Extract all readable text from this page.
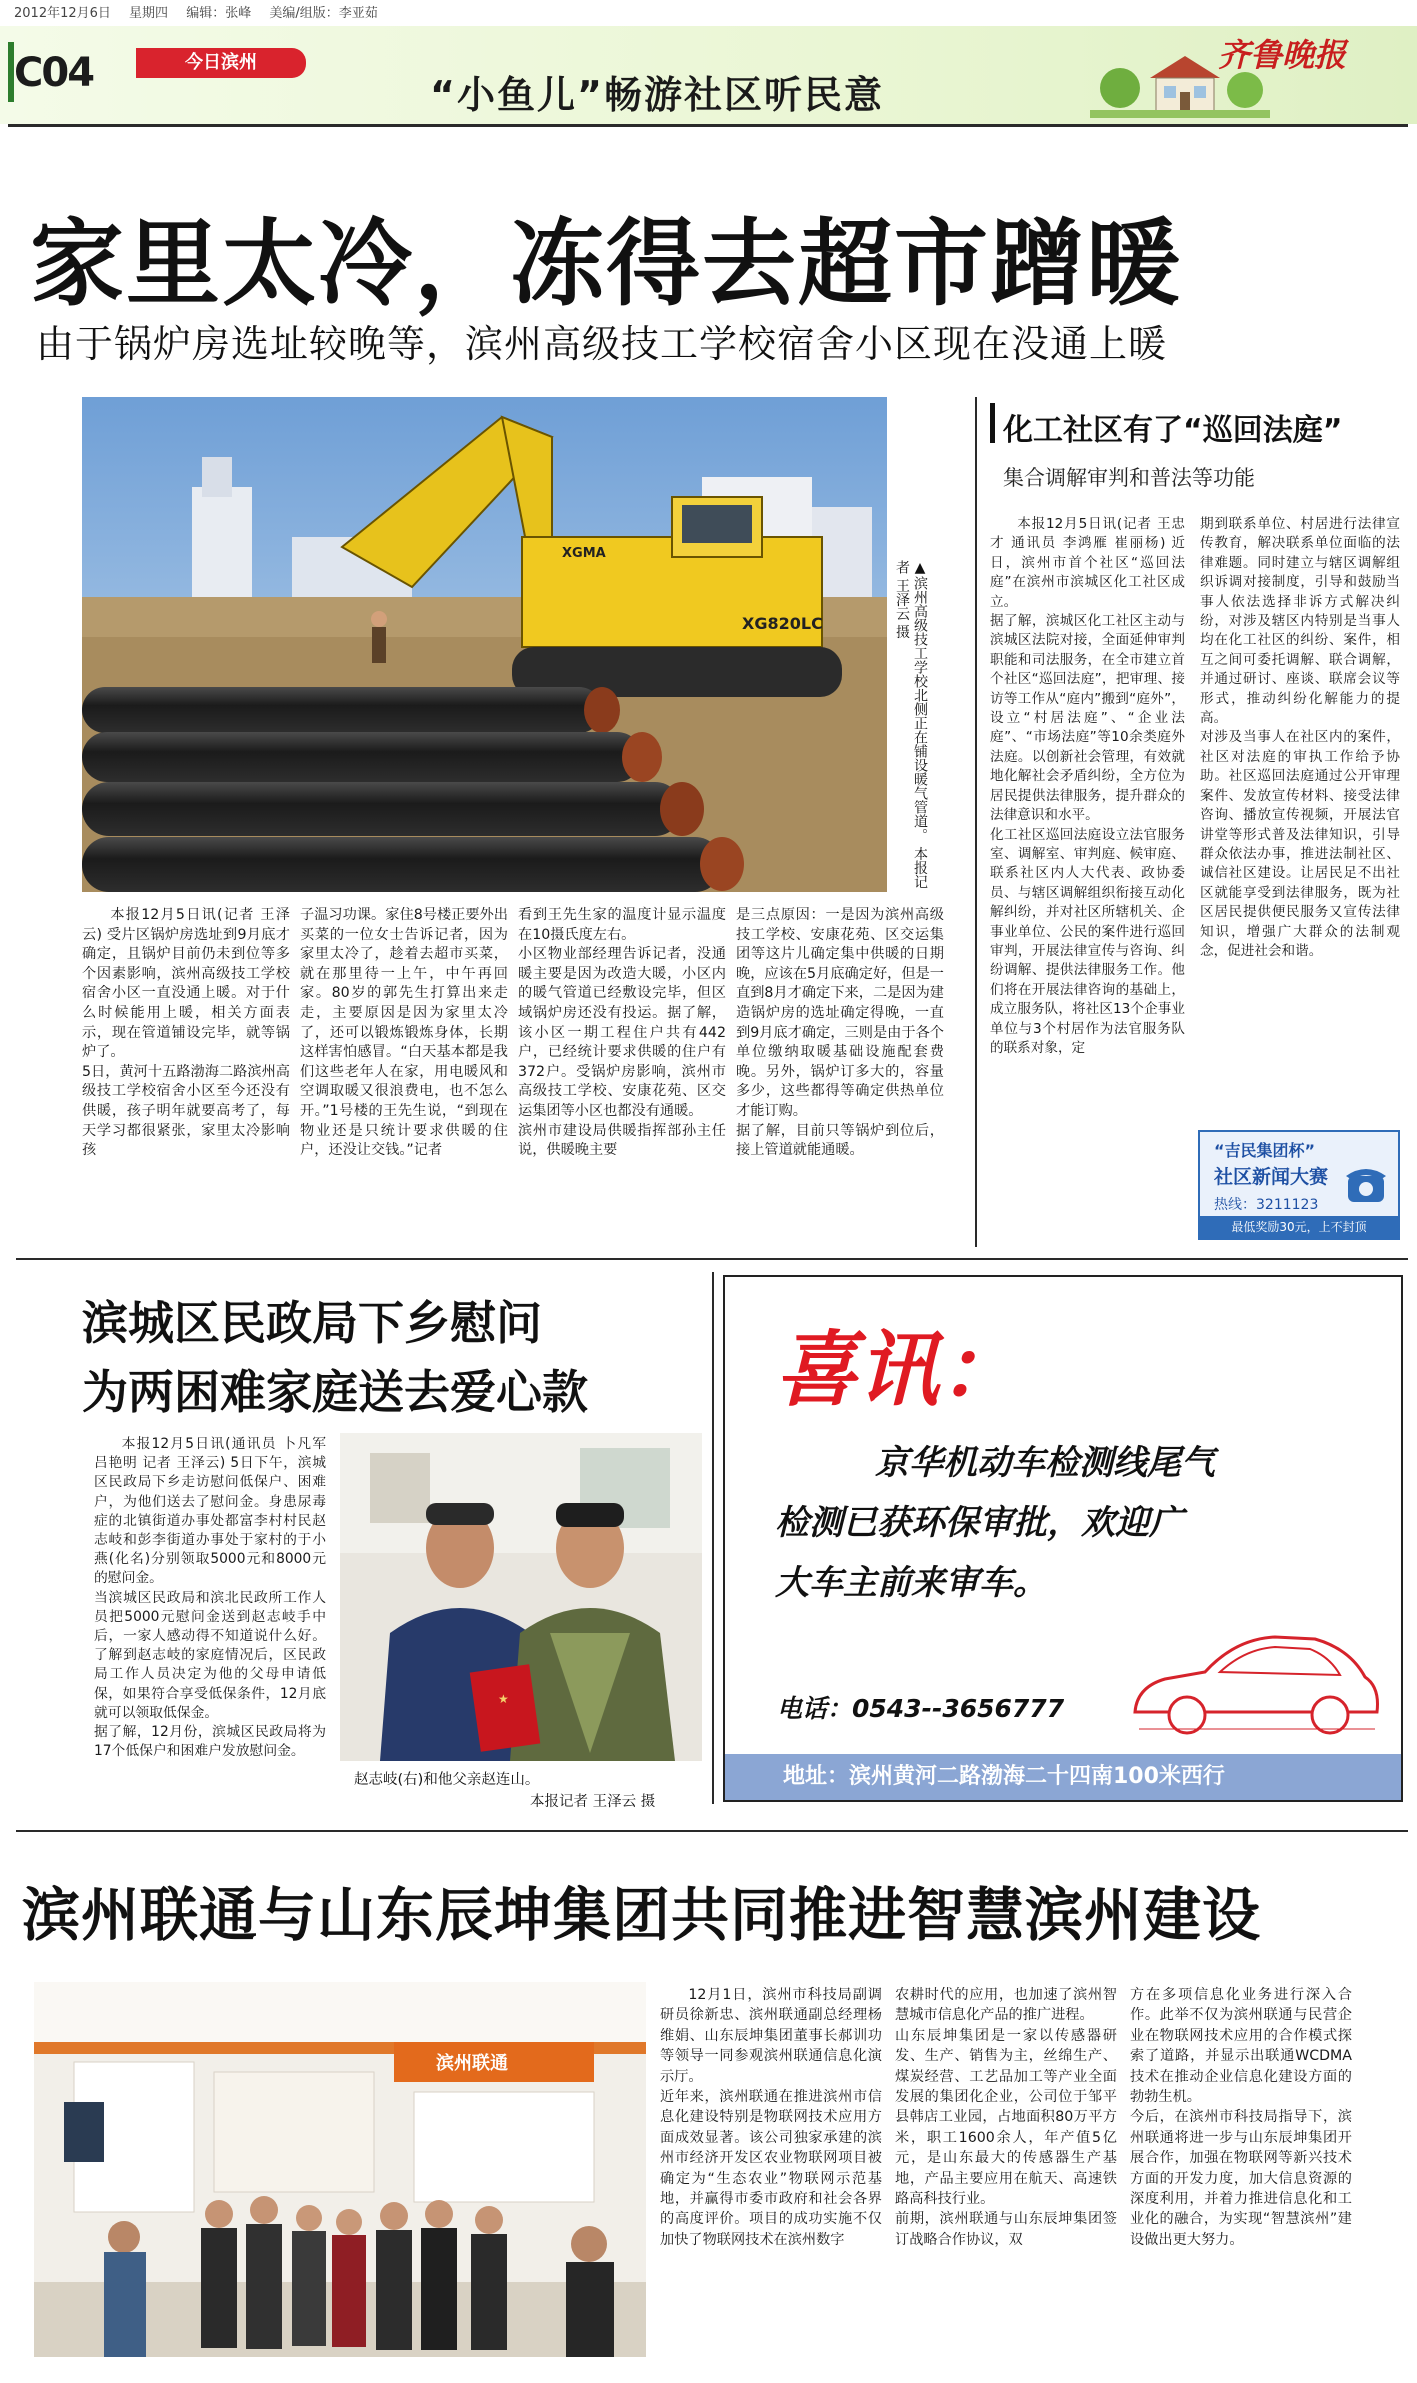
2012年12月6日 星期四 编辑：张峰 美编/组版：李亚茹
C04	今日滨州
“小鱼儿”畅游社区听民意
齐鲁晚报
家里太冷，冻得去超市蹭暖
由于锅炉房选址较晚等，滨州高级技工学校宿舍小区现在没通上暖
XG820LC
XGMA
▲滨州高级技工学校北侧正在铺设暖气管道。 本报记者 王泽云 摄

本报12月5日讯(记者 王泽云) 受片区锅炉房选址到9月底才确定，且锅炉目前仍未到位等多个因素影响，滨州高级技工学校宿舍小区一直没通上暖。对于什么时候能用上暖，相关方面表示，现在管道铺设完毕，就等锅炉了。
5日，黄河十五路渤海二路滨州高级技工学校宿舍小区至今还没有供暖，孩子明年就要高考了，每天学习都很紧张，家里太冷影响孩

子温习功课。家住8号楼正要外出买菜的一位女士告诉记者，因为家里太冷了，趁着去超市买菜，就在那里待一上午，中午再回家。80岁的郭先生打算出来走走，主要原因是因为家里太冷了，还可以锻炼锻炼身体，长期这样害怕感冒。“白天基本都是我们这些老年人在家，用电暖风和空调取暖又很浪费电，也不怎么开。”1号楼的王先生说，“到现在物业还是只统计要求供暖的住户，还没让交钱。”记者

看到王先生家的温度计显示温度在10摄氏度左右。
小区物业部经理告诉记者，没通暖主要是因为改造大暖，小区内的暖气管道已经敷设完毕，但区域锅炉房还没有投运。据了解，该小区一期工程住户共有442户，已经统计要求供暖的住户有372户。受锅炉房影响，滨州市高级技工学校、安康花苑、区交运集团等小区也都没有通暖。
滨州市建设局供暖指挥部孙主任说，供暖晚主要

是三点原因：一是因为滨州高级技工学校、安康花苑、区交运集团等这片儿确定集中供暖的日期晚，应该在5月底确定好，但是一直到8月才确定下来，二是因为建造锅炉房的选址确定得晚，一直到9月底才确定，三则是由于各个单位缴纳取暖基础设施配套费晚。另外，锅炉订多大的，容量多少，这些都得等确定供热单位才能订购。
据了解，目前只等锅炉到位后，接上管道就能通暖。

化工社区有了“巡回法庭”
集合调解审判和普法等功能

本报12月5日讯(记者 王忠才 通讯员 李鸿雁 崔丽杨) 近日，滨州市首个社区“巡回法庭”在滨州市滨城区化工社区成立。
据了解，滨城区化工社区主动与滨城区法院对接，全面延伸审判职能和司法服务，在全市建立首个社区“巡回法庭”，把审理、接访等工作从“庭内”搬到“庭外”，设立“村居法庭”、“企业法庭”、“市场法庭”等10余类庭外法庭。以创新社会管理，有效就地化解社会矛盾纠纷，全方位为居民提供法律服务，提升群众的法律意识和水平。
化工社区巡回法庭设立法官服务室、调解室、审判庭、候审庭、联系社区内人大代表、政协委员、与辖区调解组织衔接互动化解纠纷，并对社区所辖机关、企事业单位、公民的案件进行巡回审判，开展法律宣传与咨询、纠纷调解、提供法律服务工作。他们将在开展法律咨询的基础上，成立服务队，将社区13个企事业单位与3个村居作为法官服务队的联系对象，定

期到联系单位、村居进行法律宣传教育，解决联系单位面临的法律难题。同时建立与辖区调解组织诉调对接制度，引导和鼓励当事人依法选择非诉方式解决纠纷，对涉及辖区内特别是当事人均在化工社区的纠纷、案件，相互之间可委托调解、联合调解，并通过研讨、座谈、联席会议等形式，推动纠纷化解能力的提高。
对涉及当事人在社区内的案件，社区对法庭的审执工作给予协助。社区巡回法庭通过公开审理案件、发放宣传材料、接受法律咨询、播放宣传视频，开展法官讲堂等形式普及法律知识，引导群众依法办事，推进法制社区、诚信社区建设。让居民足不出社区就能享受到法律服务，既为社区居民提供便民服务又宣传法律知识，增强广大群众的法制观念，促进社会和谐。

“吉民集团杯”
社区新闻大赛
热线：3211123
最低奖励30元，上不封顶
滨城区民政局下乡慰问
为两困难家庭送去爱心款

本报12月5日讯(通讯员 卜凡军 吕艳明 记者 王泽云) 5日下午，滨城区民政局下乡走访慰问低保户、困难户，为他们送去了慰问金。身患尿毒症的北镇街道办事处都富李村村民赵志岐和彭李街道办事处于家村的于小燕(化名)分别领取5000元和8000元的慰问金。
当滨城区民政局和滨北民政所工作人员把5000元慰问金送到赵志岐手中后，一家人感动得不知道说什么好。了解到赵志岐的家庭情况后，区民政局工作人员决定为他的父母申请低保，如果符合享受低保条件，12月底就可以领取低保金。
据了解，12月份，滨城区民政局将为17个低保户和困难户发放慰问金。

★
赵志岐(右)和他父亲赵连山。
本报记者 王泽云 摄
喜讯：
京华机动车检测线尾气
检测已获环保审批，欢迎广
大车主前来审车。
电话：0543--3656777
地址：滨州黄河二路渤海二十四南100米西行
滨州联通与山东辰坤集团共同推进智慧滨州建设
滨州联通

12月1日，滨州市科技局副调研员徐新忠、滨州联通副总经理杨维娟、山东辰坤集团董事长郝训功等领导一同参观滨州联通信息化演示厅。
近年来，滨州联通在推进滨州市信息化建设特别是物联网技术应用方面成效显著。该公司独家承建的滨州市经济开发区农业物联网项目被确定为“生态农业”物联网示范基地，并赢得市委市政府和社会各界的高度评价。项目的成功实施不仅加快了物联网技术在滨州数字

农耕时代的应用，也加速了滨州智慧城市信息化产品的推广进程。
山东辰坤集团是一家以传感器研发、生产、销售为主，丝绵生产、煤炭经营、工艺品加工等产业全面发展的集团化企业，公司位于邹平县韩店工业园，占地面积80万平方米，职工1600余人，年产值5亿元，是山东最大的传感器生产基地，产品主要应用在航天、高速铁路高科技行业。
前期，滨州联通与山东辰坤集团签订战略合作协议，双

方在多项信息化业务进行深入合作。此举不仅为滨州联通与民营企业在物联网技术应用的合作模式探索了道路，并显示出联通WCDMA技术在推动企业信息化建设方面的勃勃生机。
今后，在滨州市科技局指导下，滨州联通将进一步与山东辰坤集团开展合作，加强在物联网等新兴技术方面的开发力度，加大信息资源的深度利用，并着力推进信息化和工业化的融合，为实现“智慧滨州”建设做出更大努力。
